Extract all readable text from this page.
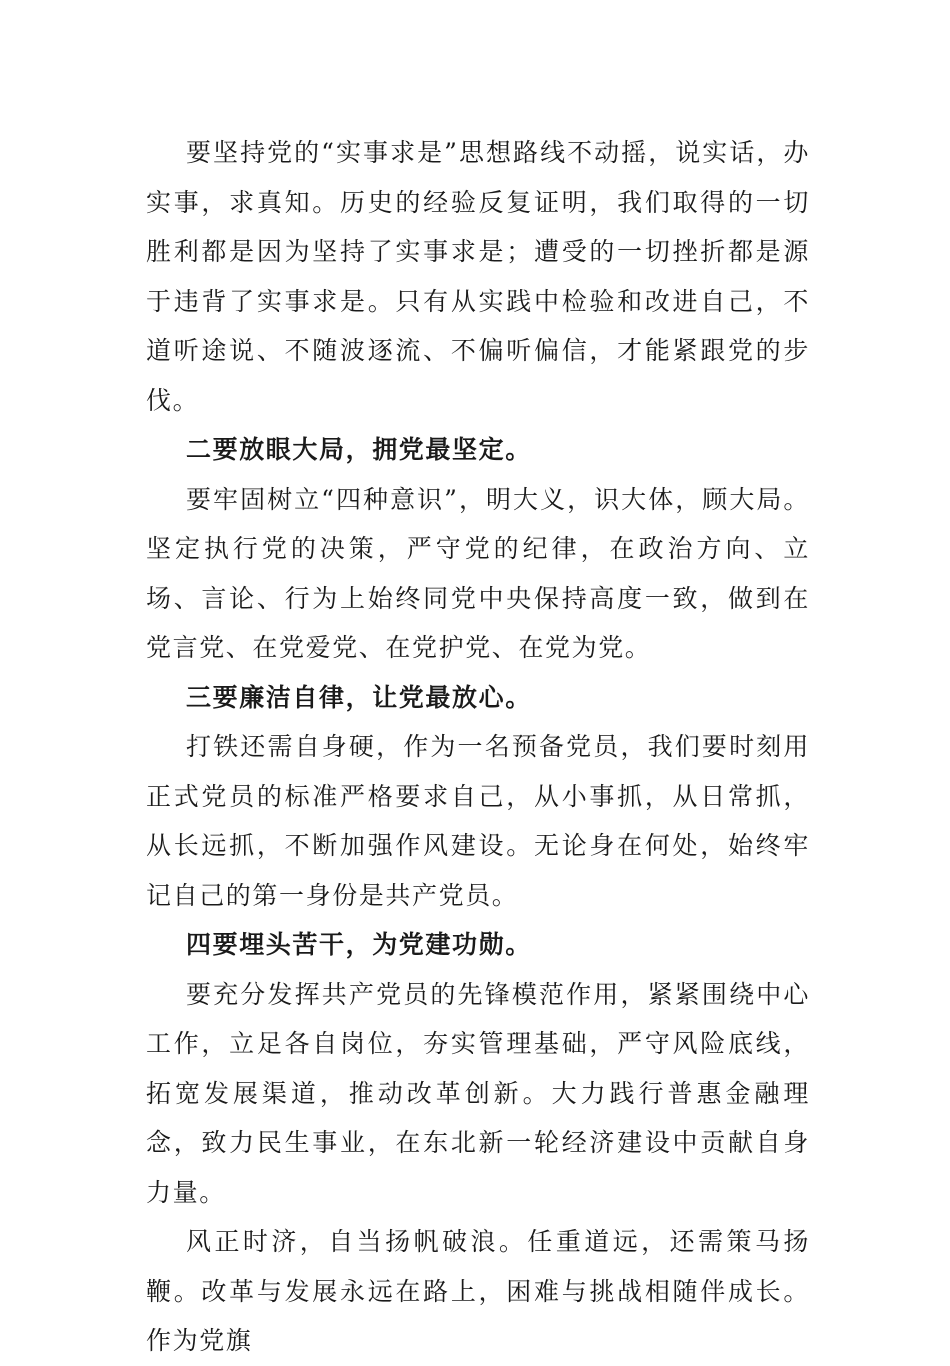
要坚持党的“实事求是”思想路线不动摇，说实话，办实事，求真知。历史的经验反复证明，我们取得的一切胜利都是因为坚持了实事求是；遭受的一切挫折都是源于违背了实事求是。只有从实践中检验和改进自己，不道听途说、不随波逐流、不偏听偏信，才能紧跟党的步伐。

二要放眼大局，拥党最坚定。

要牢固树立“四种意识”，明大义，识大体，顾大局。坚定执行党的决策，严守党的纪律，在政治方向、立场、言论、行为上始终同党中央保持高度一致，做到在党言党、在党爱党、在党护党、在党为党。

三要廉洁自律，让党最放心。

打铁还需自身硬，作为一名预备党员，我们要时刻用正式党员的标准严格要求自己，从小事抓，从日常抓，从长远抓，不断加强作风建设。无论身在何处，始终牢记自己的第一身份是共产党员。

四要埋头苦干，为党建功勋。

要充分发挥共产党员的先锋模范作用，紧紧围绕中心工作，立足各自岗位，夯实管理基础，严守风险底线，拓宽发展渠道，推动改革创新。大力践行普惠金融理念，致力民生事业，在东北新一轮经济建设中贡献自身力量。

风正时济，自当扬帆破浪。任重道远，还需策马扬鞭。改革与发展永远在路上，困难与挑战相随伴成长。作为党旗
